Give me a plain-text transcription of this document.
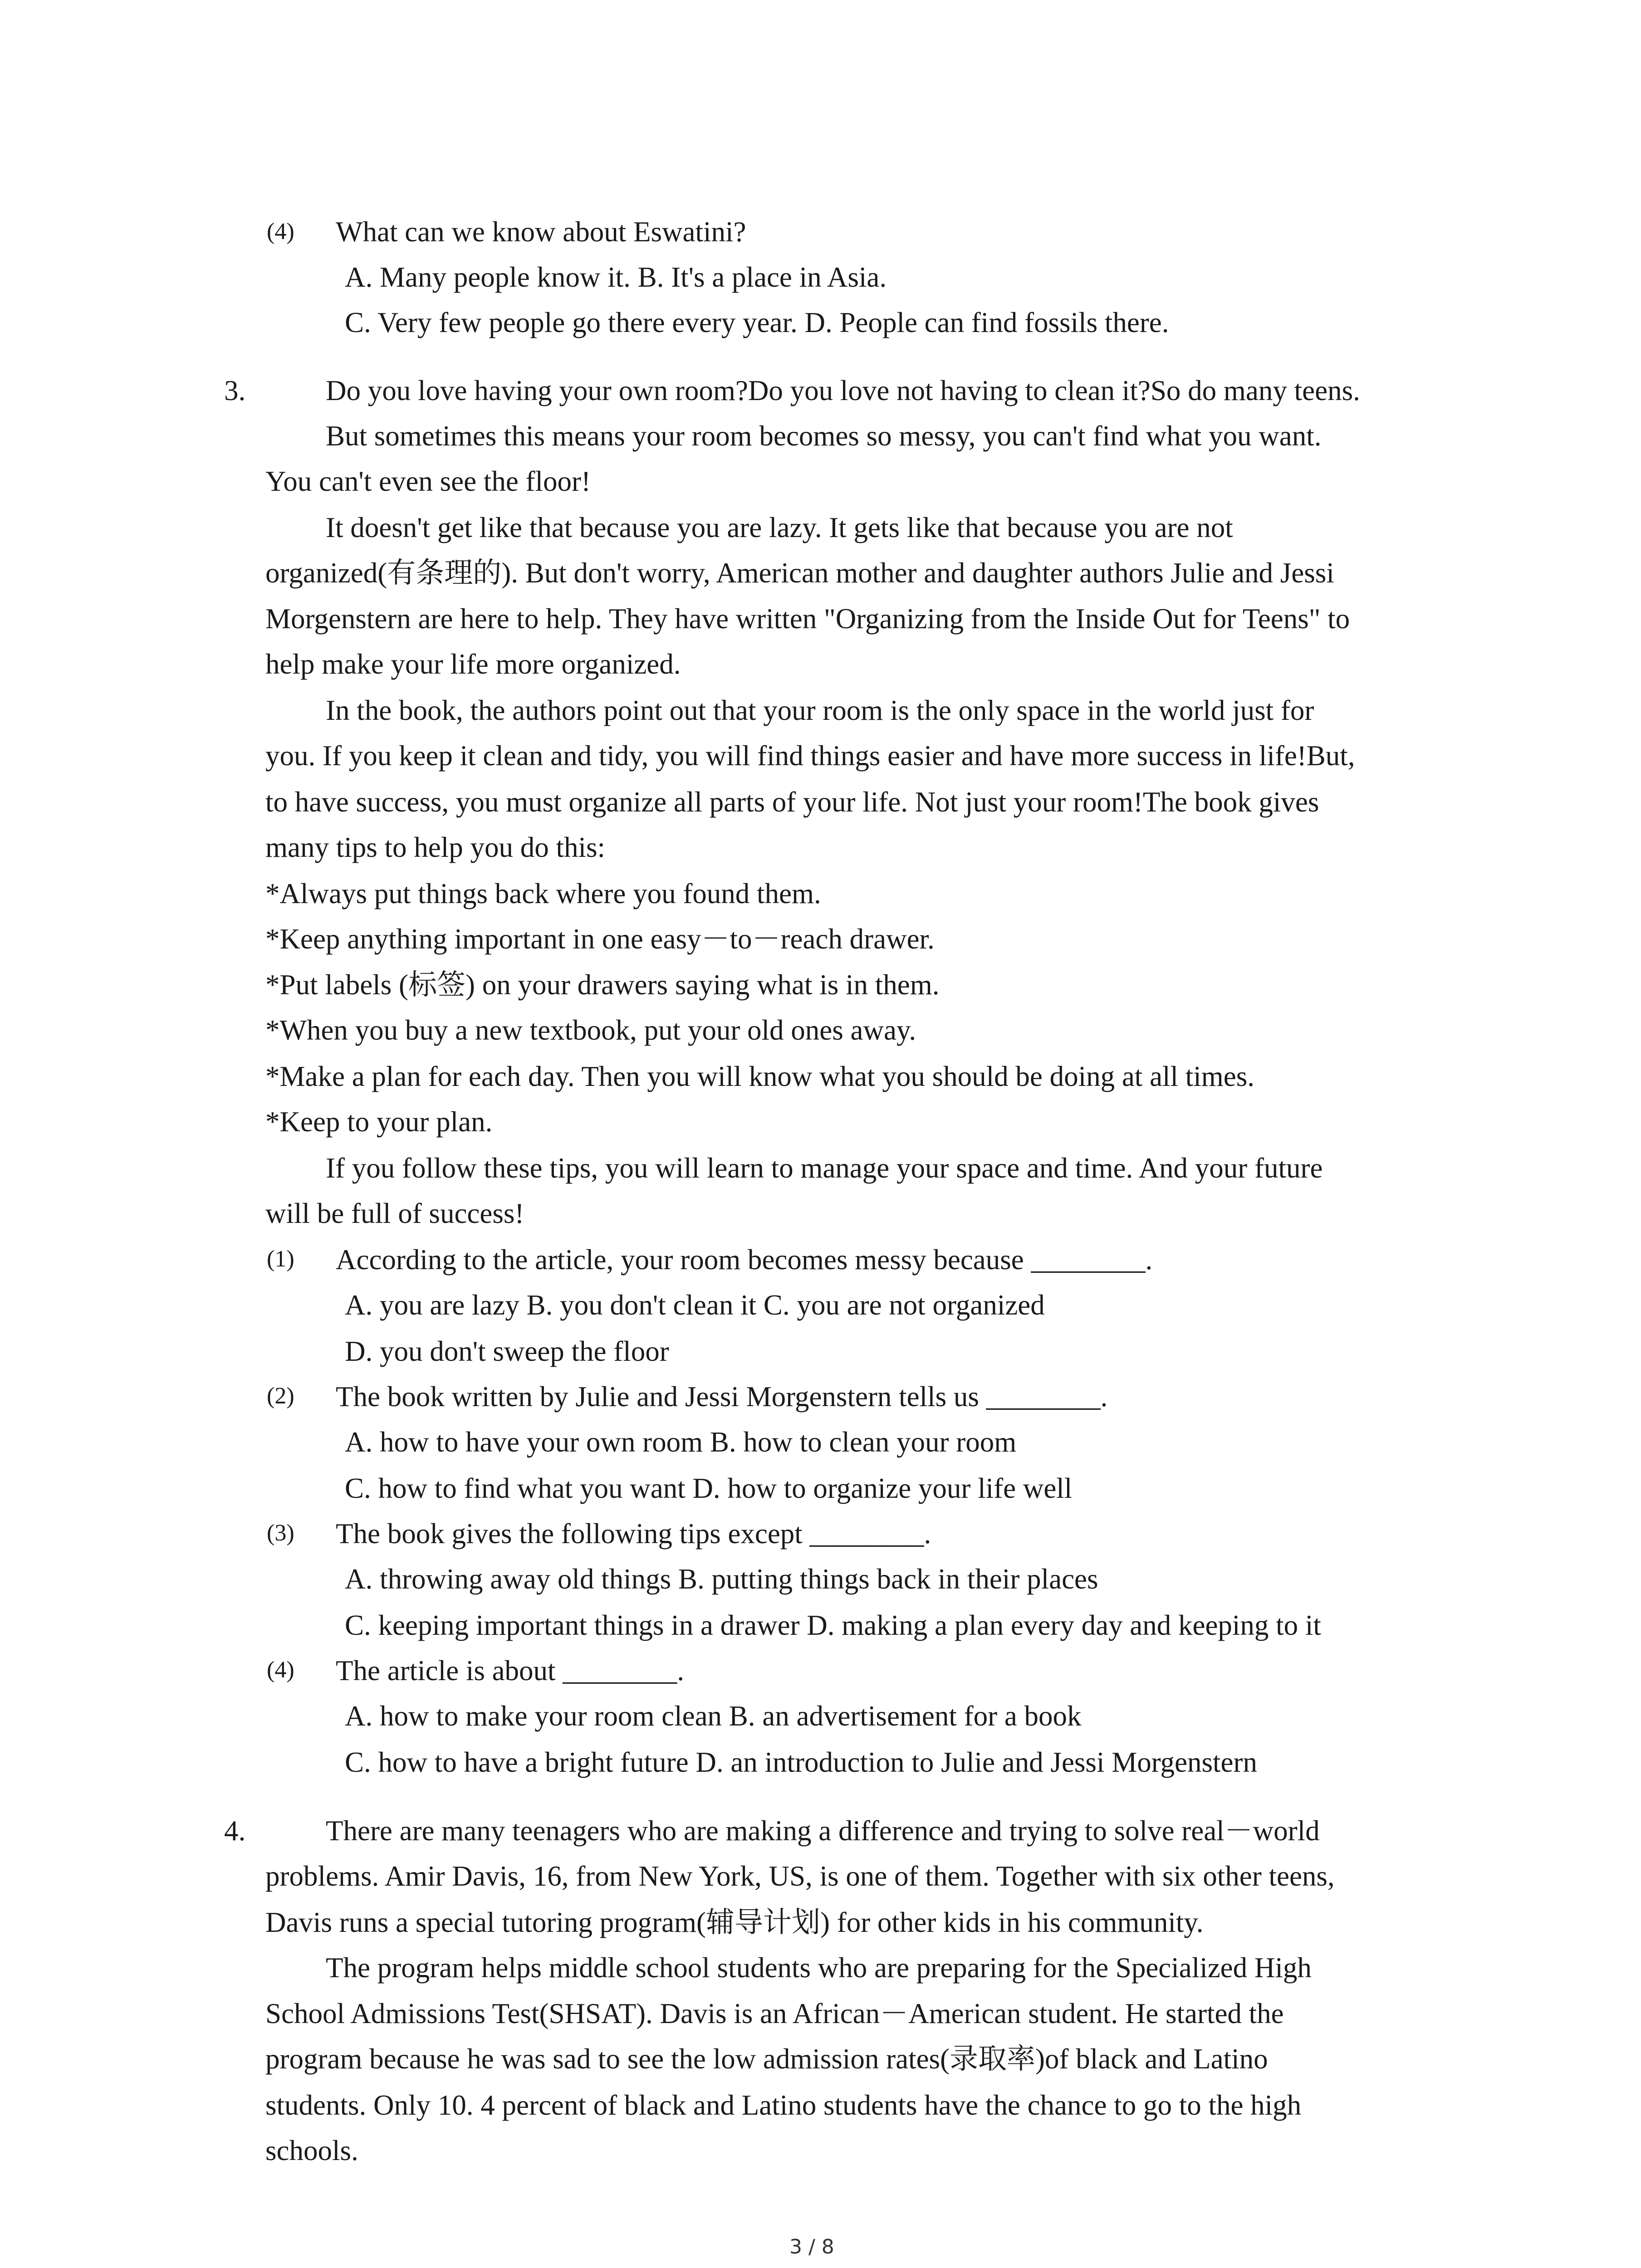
(4) What can we know about Eswatini?
A. Many people know it. B. It's a place in Asia.
C. Very few people go there every year. D. People can find fossils there.
3.	Do you love having your own room?Do you love not having to clean it?So do many teens.
But sometimes this means your room becomes so messy, you can't find what you want.
You can't even see the floor!
It doesn't get like that because you are lazy. It gets like that because you are not
organized(有条理的). But don't worry, American mother and daughter authors Julie and Jessi
Morgenstern are here to help. They have written "Organizing from the Inside Out for Teens" to
help make your life more organized.
In the book, the authors point out that your room is the only space in the world just for
you. If you keep it clean and tidy, you will find things easier and have more success in life!But,
to have success, you must organize all parts of your life. Not just your room!The book gives
many tips to help you do this:
*Always put things back where you found them.
*Keep anything important in one easy－to－reach drawer.
*Put labels (标签) on your drawers saying what is in them.
*When you buy a new textbook, put your old ones away.
*Make a plan for each day. Then you will know what you should be doing at all times.
*Keep to your plan.
If you follow these tips, you will learn to manage your space and time. And your future
will be full of success!
(1) According to the article, your room becomes messy because ________.
A. you are lazy B. you don't clean it C. you are not organized
D. you don't sweep the floor
(2) The book written by Julie and Jessi Morgenstern tells us ________.
A. how to have your own room B. how to clean your room
C. how to find what you want D. how to organize your life well
(3) The book gives the following tips except ________.
A. throwing away old things B. putting things back in their places
C. keeping important things in a drawer D. making a plan every day and keeping to it
(4) The article is about ________.
A. how to make your room clean B. an advertisement for a book
C. how to have a bright future D. an introduction to Julie and Jessi Morgenstern
4.	There are many teenagers who are making a difference and trying to solve real－world
problems. Amir Davis, 16, from New York, US, is one of them. Together with six other teens,
Davis runs a special tutoring program(辅导计划) for other kids in his community.
The program helps middle school students who are preparing for the Specialized High
School Admissions Test(SHSAT). Davis is an African－American student. He started the
program because he was sad to see the low admission rates(录取率)of black and Latino
students. Only 10. 4 percent of black and Latino students have the chance to go to the high
schools.
3 / 8
